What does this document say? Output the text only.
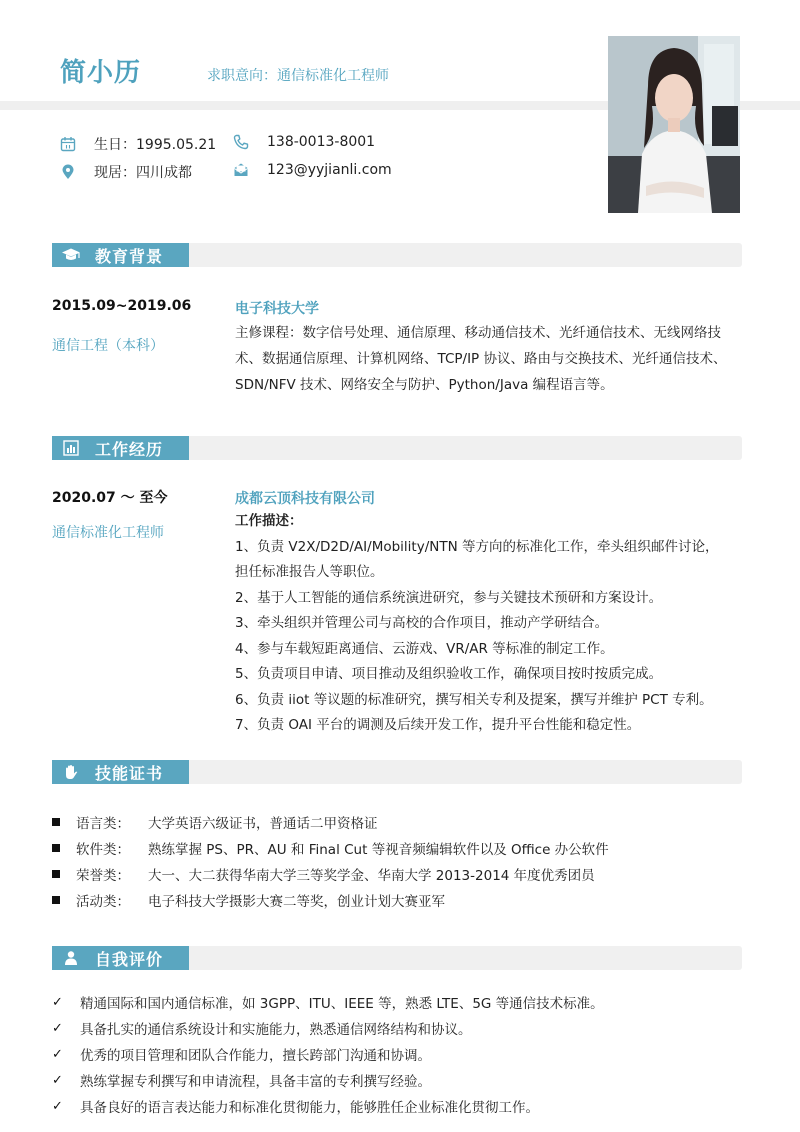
简小历	求职意向：通信标准化工程师
生日：1995.05.21	138-0013-8001
现居：四川成都	123@yyjianli.com
教育背景
2015.09~2019.06
通信工程（本科）
电子科技大学
主修课程：数字信号处理、通信原理、移动通信技术、光纤通信技术、无线网络技术、数据通信原理、计算机网络、TCP/IP 协议、路由与交换技术、光纤通信技术、SDN/NFV 技术、网络安全与防护、Python/Java 编程语言等。
工作经历
2020.07 ～ 至今
通信标准化工程师
成都云顶科技有限公司
工作描述：
1、负责 V2X/D2D/AI/Mobility/NTN 等方向的标准化工作，牵头组织邮件讨论，
担任标准报告人等职位。
2、基于人工智能的通信系统演进研究，参与关键技术预研和方案设计。
3、牵头组织并管理公司与高校的合作项目，推动产学研结合。
4、参与车载短距离通信、云游戏、VR/AR 等标准的制定工作。
5、负责项目申请、项目推动及组织验收工作，确保项目按时按质完成。
6、负责 iiot 等议题的标准研究，撰写相关专利及提案，撰写并维护 PCT 专利。
7、负责 OAI 平台的调测及后续开发工作，提升平台性能和稳定性。
技能证书
语言类：	大学英语六级证书，普通话二甲资格证
软件类：	熟练掌握 PS、PR、AU 和 Final Cut 等视音频编辑软件以及 Office 办公软件
荣誉类：	大一、大二获得华南大学三等奖学金、华南大学 2013-2014 年度优秀团员
活动类：	电子科技大学摄影大赛二等奖，创业计划大赛亚军
自我评价
✓ 精通国际和国内通信标准，如 3GPP、ITU、IEEE 等，熟悉 LTE、5G 等通信技术标准。
✓ 具备扎实的通信系统设计和实施能力，熟悉通信网络结构和协议。
✓ 优秀的项目管理和团队合作能力，擅长跨部门沟通和协调。
✓ 熟练掌握专利撰写和申请流程，具备丰富的专利撰写经验。
✓ 具备良好的语言表达能力和标准化贯彻能力，能够胜任企业标准化贯彻工作。
